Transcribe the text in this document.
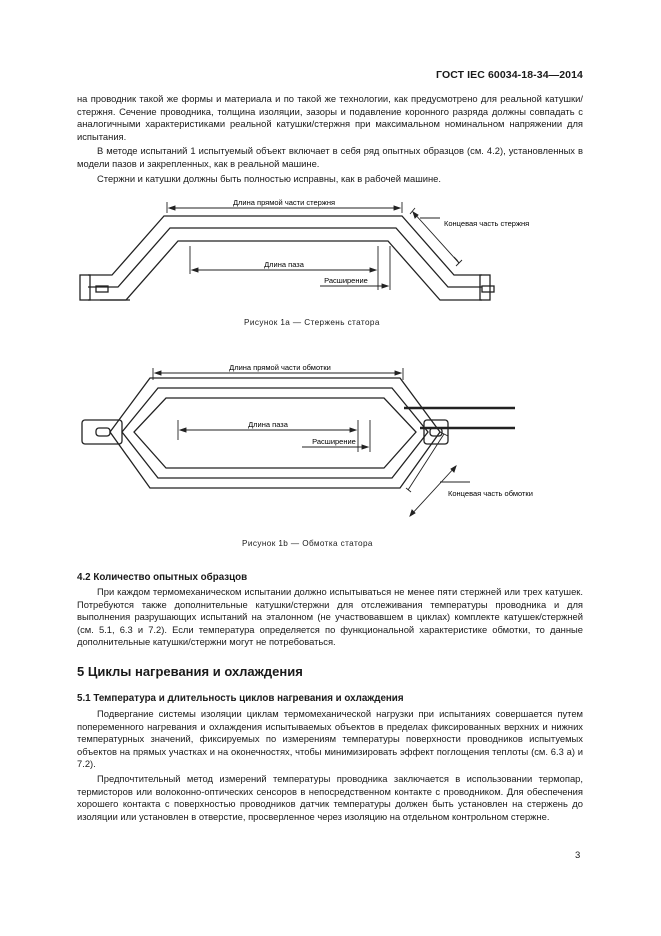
ГОСТ IEC 60034-18-34—2014

на проводник такой же формы и материала и по такой же технологии, как предусмотрено для реальной катушки/стержня. Сечение проводника, толщина изоляции, зазоры и подавление коронного разряда должны совпадать с аналогичными характеристиками реальной катушки/стержня при максимальном номинальном напряжении для испытания.

В методе испытаний 1 испытуемый объект включает в себя ряд опытных образцов (см. 4.2), установленных в модели пазов и закрепленных, как в реальной машине.

Стержни и катушки должны быть полностью исправны, как в рабочей машине.

Длина прямой части стержня
Длина паза
Расширение
Концевая часть стержня
Рисунок 1а — Стержень статора
Длина прямой части обмотки
Длина паза
Расширение
Концевая часть обмотки
Рисунок 1b — Обмотка статора
4.2 Количество опытных образцов

При каждом термомеханическом испытании должно испытываться не менее пяти стержней или трех катушек. Потребуются также дополнительные катушки/стержни для отслеживания температуры проводника и для выполнения разрушающих испытаний на эталонном (не участвовавшем в циклах) комплекте катушек/стержней (см. 5.1, 6.3 и 7.2). Если температура определяется по функциональной характеристике обмотки, то данные дополнительные катушки/стержни могут не потребоваться.

5 Циклы нагревания и охлаждения
5.1 Температура и длительность циклов нагревания и охлаждения

Подвергание системы изоляции циклам термомеханической нагрузки при испытаниях совершается путем попеременного нагревания и охлаждения испытываемых объектов в пределах фиксированных верхних и нижних температурных значений, фиксируемых по измерениям температуры поверхности проводников испытуемых объектов на прямых участках и на оконечностях, чтобы минимизировать эффект поглощения теплоты (см. 6.3 а) и 7.2).

Предпочтительный метод измерений температуры проводника заключается в использовании термопар, термисторов или волоконно-оптических сенсоров в непосредственном контакте с проводником. Для обеспечения хорошего контакта с поверхностью проводников датчик температуры должен быть установлен на стержень до изоляции или установлен в отверстие, просверленное через изоляцию на отдельном контрольном стержне.

3
